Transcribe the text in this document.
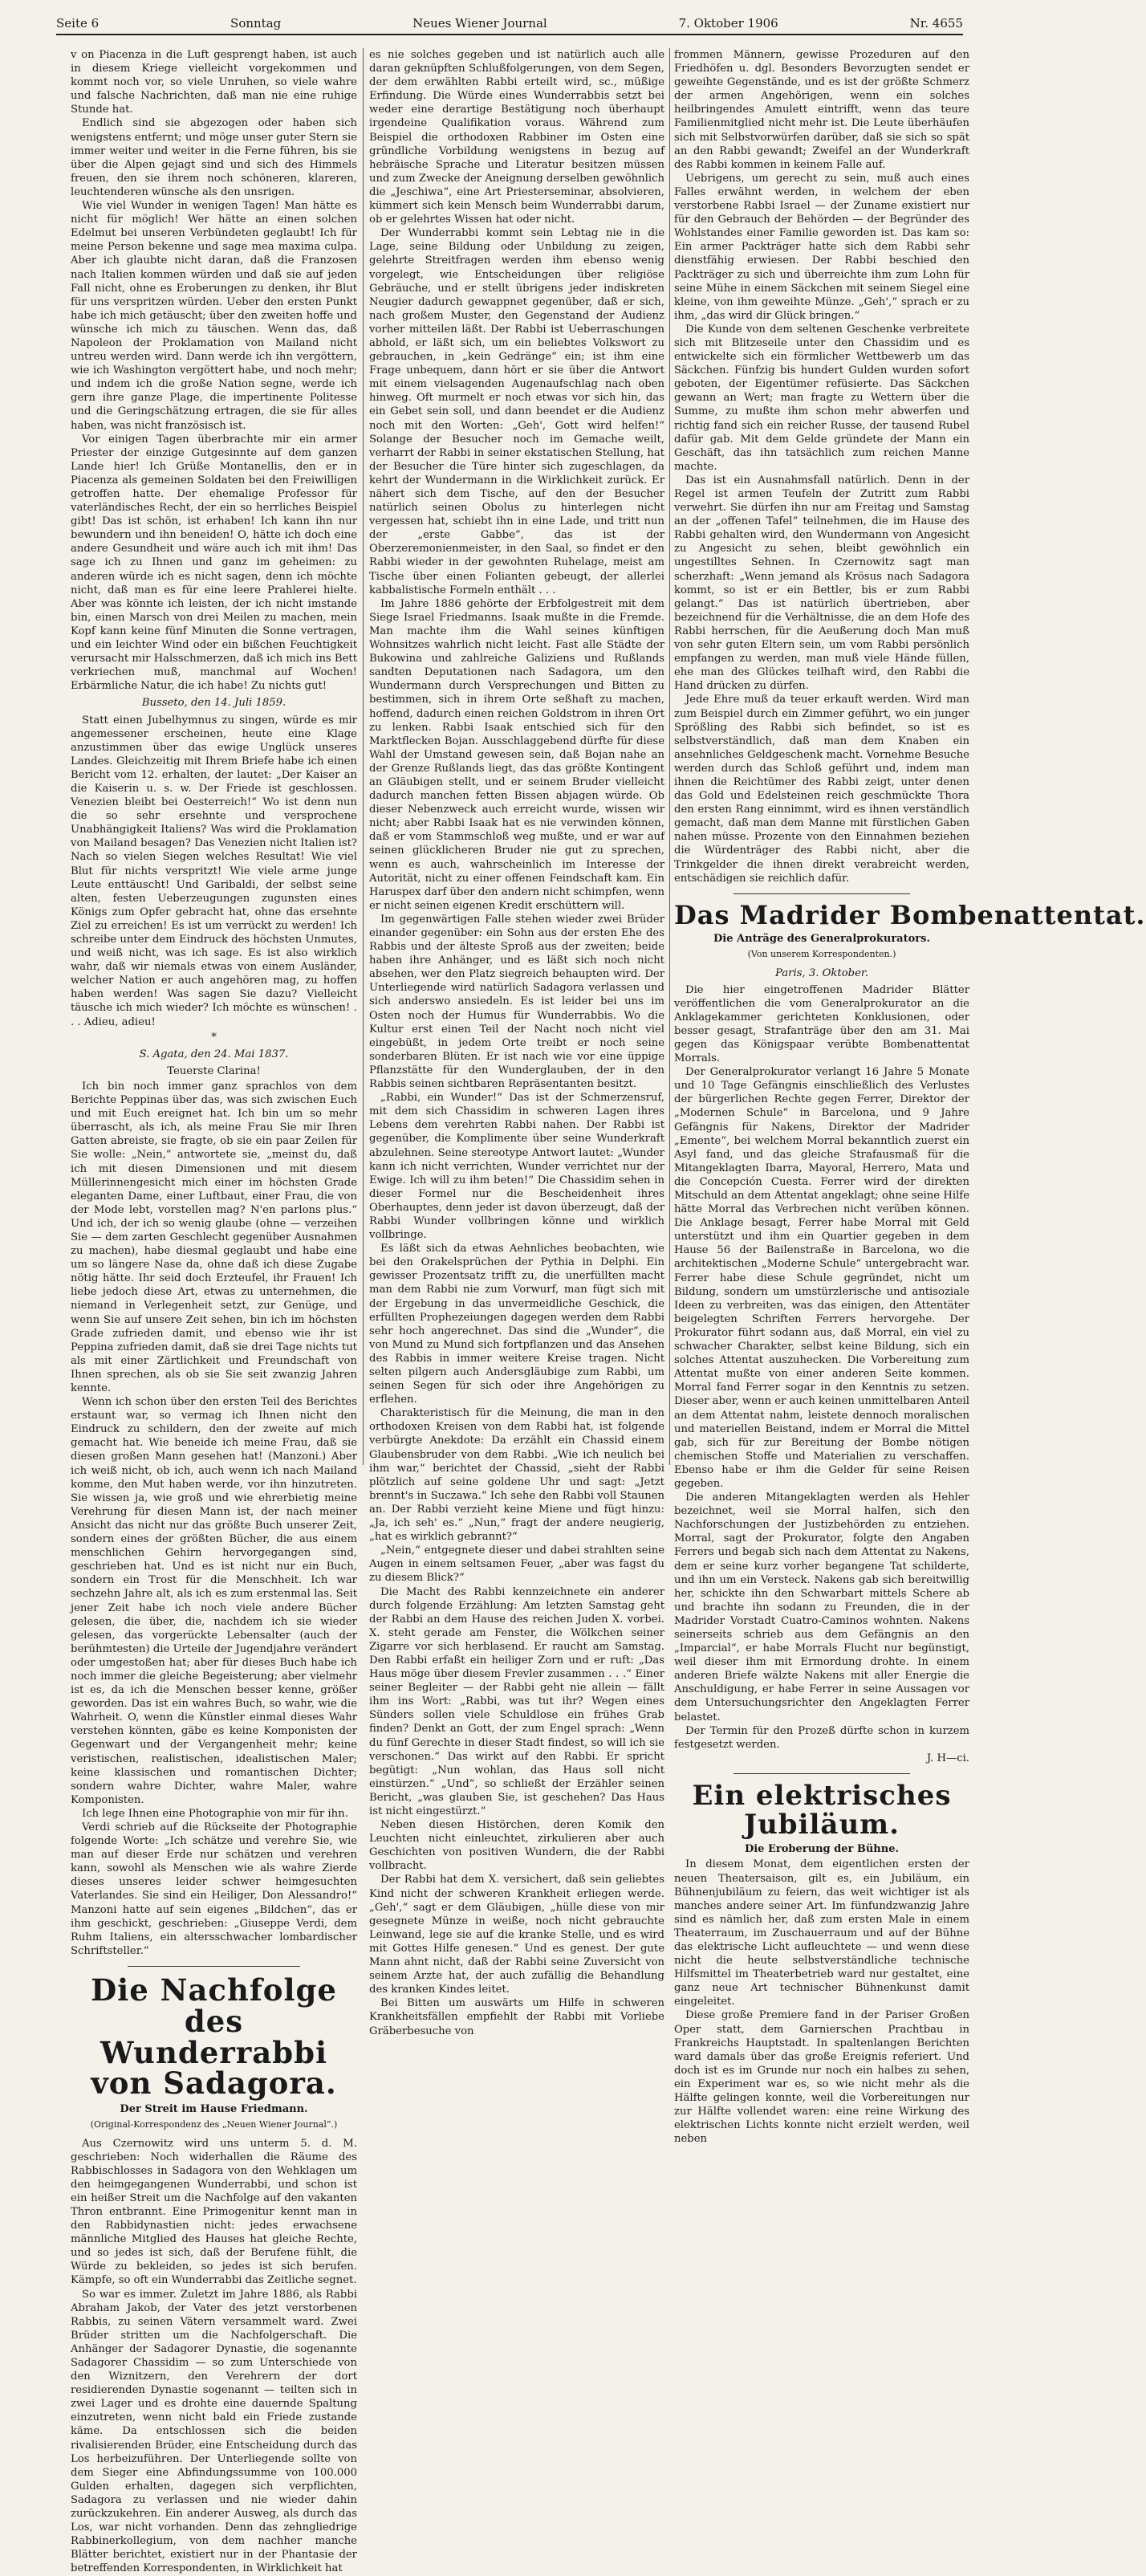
Seite 6	Sonntag	Neues Wiener Journal	7. Oktober 1906	Nr. 4655

v on Piacenza in die Luft gesprengt haben, ist auch in diesem Kriege vielleicht vorgekommen und kommt noch vor, so viele Unruhen, so viele wahre und falsche Nachrichten, daß man nie eine ruhige Stunde hat.

Endlich sind sie abgezogen oder haben sich wenigstens entfernt; und möge unser guter Stern sie immer weiter und weiter in die Ferne führen, bis sie über die Alpen gejagt sind und sich des Himmels freuen, den sie ihrem noch schöneren, klareren, leuchtenderen wünsche als den unsrigen.

Wie viel Wunder in wenigen Tagen! Man hätte es nicht für möglich! Wer hätte an einen solchen Edelmut bei unseren Verbündeten geglaubt! Ich für meine Person bekenne und sage mea maxima culpa. Aber ich glaubte nicht daran, daß die Franzosen nach Italien kommen würden und daß sie auf jeden Fall nicht, ohne es Eroberungen zu denken, ihr Blut für uns verspritzen würden. Ueber den ersten Punkt habe ich mich getäuscht; über den zweiten hoffe und wünsche ich mich zu täuschen. Wenn das, daß Napoleon der Proklamation von Mailand nicht untreu werden wird. Dann werde ich ihn vergöttern, wie ich Washington vergöttert habe, und noch mehr; und indem ich die große Nation segne, werde ich gern ihre ganze Plage, die impertinente Politesse und die Geringschätzung ertragen, die sie für alles haben, was nicht französisch ist.

Vor einigen Tagen überbrachte mir ein armer Priester der einzige Gutgesinnte auf dem ganzen Lande hier! Ich Grüße Montanellis, den er in Piacenza als gemeinen Soldaten bei den Freiwilligen getroffen hatte. Der ehemalige Professor für vaterländisches Recht, der ein so herrliches Beispiel gibt! Das ist schön, ist erhaben! Ich kann ihn nur bewundern und ihn beneiden! O, hätte ich doch eine andere Gesundheit und wäre auch ich mit ihm! Das sage ich zu Ihnen und ganz im geheimen: zu anderen würde ich es nicht sagen, denn ich möchte nicht, daß man es für eine leere Prahlerei hielte. Aber was könnte ich leisten, der ich nicht imstande bin, einen Marsch von drei Meilen zu machen, mein Kopf kann keine fünf Minuten die Sonne vertragen, und ein leichter Wind oder ein bißchen Feuchtigkeit verursacht mir Halsschmerzen, daß ich mich ins Bett verkriechen muß, manchmal auf Wochen! Erbärmliche Natur, die ich habe! Zu nichts gut!

Busseto, den 14. Juli 1859.

Statt einen Jubelhymnus zu singen, würde es mir angemessener erscheinen, heute eine Klage anzustimmen über das ewige Unglück unseres Landes. Gleichzeitig mit Ihrem Briefe habe ich einen Bericht vom 12. erhalten, der lautet: „Der Kaiser an die Kaiserin u. s. w. Der Friede ist geschlossen. Venezien bleibt bei Oesterreich!“ Wo ist denn nun die so sehr ersehnte und versprochene Unabhängigkeit Italiens? Was wird die Proklamation von Mailand besagen? Das Venezien nicht Italien ist? Nach so vielen Siegen welches Resultat! Wie viel Blut für nichts verspritzt! Wie viele arme junge Leute enttäuscht! Und Garibaldi, der selbst seine alten, festen Ueberzeugungen zugunsten eines Königs zum Opfer gebracht hat, ohne das ersehnte Ziel zu erreichen! Es ist um verrückt zu werden! Ich schreibe unter dem Eindruck des höchsten Unmutes, und weiß nicht, was ich sage. Es ist also wirklich wahr, daß wir niemals etwas von einem Ausländer, welcher Nation er auch angehören mag, zu hoffen haben werden! Was sagen Sie dazu? Vielleicht täusche ich mich wieder? Ich möchte es wünschen! . . . Adieu, adieu!

*

S. Agata, den 24. Mai 1837.

Teuerste Clarina!

Ich bin noch immer ganz sprachlos von dem Berichte Peppinas über das, was sich zwischen Euch und mit Euch ereignet hat. Ich bin um so mehr überrascht, als ich, als meine Frau Sie mir Ihren Gatten abreiste, sie fragte, ob sie ein paar Zeilen für Sie wolle: „Nein,“ antwortete sie, „meinst du, daß ich mit diesen Dimensionen und mit diesem Müllerinnengesicht mich einer im höchsten Grade eleganten Dame, einer Luftbaut, einer Frau, die von der Mode lebt, vorstellen mag? N'en parlons plus.“ Und ich, der ich so wenig glaube (ohne — verzeihen Sie — dem zarten Geschlecht gegenüber Ausnahmen zu machen), habe diesmal geglaubt und habe eine um so längere Nase da, ohne daß ich diese Zugabe nötig hätte. Ihr seid doch Erzteufel, ihr Frauen! Ich liebe jedoch diese Art, etwas zu unternehmen, die niemand in Verlegenheit setzt, zur Genüge, und wenn Sie auf unsere Zeit sehen, bin ich im höchsten Grade zufrieden damit, und ebenso wie ihr ist Peppina zufrieden damit, daß sie drei Tage nichts tut als mit einer Zärtlichkeit und Freundschaft von Ihnen sprechen, als ob sie Sie seit zwanzig Jahren kennte.

Wenn ich schon über den ersten Teil des Berichtes erstaunt war, so vermag ich Ihnen nicht den Eindruck zu schildern, den der zweite auf mich gemacht hat. Wie beneide ich meine Frau, daß sie diesen großen Mann gesehen hat! (Manzoni.) Aber ich weiß nicht, ob ich, auch wenn ich nach Mailand komme, den Mut haben werde, vor ihn hinzutreten. Sie wissen ja, wie groß und wie ehrerbietig meine Verehrung für diesen Mann ist, der nach meiner Ansicht das nicht nur das größte Buch unserer Zeit, sondern eines der größten Bücher, die aus einem menschlichen Gehirn hervorgegangen sind, geschrieben hat. Und es ist nicht nur ein Buch, sondern ein Trost für die Menschheit. Ich war sechzehn Jahre alt, als ich es zum erstenmal las. Seit jener Zeit habe ich noch viele andere Bücher gelesen, die über, die, nachdem ich sie wieder gelesen, das vorgerückte Lebensalter (auch der berühmtesten) die Urteile der Jugendjahre verändert oder umgestoßen hat; aber für dieses Buch habe ich noch immer die gleiche Begeisterung; aber vielmehr ist es, da ich die Menschen besser kenne, größer geworden. Das ist ein wahres Buch, so wahr, wie die Wahrheit. O, wenn die Künstler einmal dieses Wahr verstehen könnten, gäbe es keine Komponisten der Gegenwart und der Vergangenheit mehr; keine veristischen, realistischen, idealistischen Maler; keine klassischen und romantischen Dichter; sondern wahre Dichter, wahre Maler, wahre Komponisten.

Ich lege Ihnen eine Photographie von mir für ihn.

Verdi schrieb auf die Rückseite der Photographie folgende Worte: „Ich schätze und verehre Sie, wie man auf dieser Erde nur schätzen und verehren kann, sowohl als Menschen wie als wahre Zierde dieses unseres leider schwer heimgesuchten Vaterlandes. Sie sind ein Heiliger, Don Alessandro!“ Manzoni hatte auf sein eigenes „Bildchen“, das er ihm geschickt, geschrieben: „Giuseppe Verdi, dem Ruhm Italiens, ein altersschwacher lombardischer Schriftsteller.“

Die Nachfolge des Wunderrabbi von Sadagora.

Der Streit im Hause Friedmann.

(Original-Korrespondenz des „Neuen Wiener Journal“.)

Aus Czernowitz wird uns unterm 5. d. M. geschrieben: Noch widerhallen die Räume des Rabbischlosses in Sadagora von den Wehklagen um den heimgegangenen Wunderrabbi, und schon ist ein heißer Streit um die Nachfolge auf den vakanten Thron entbrannt. Eine Primogenitur kennt man in den Rabbidynastien nicht: jedes erwachsene männliche Mitglied des Hauses hat gleiche Rechte, und so jedes ist sich, daß der Berufene fühlt, die Würde zu bekleiden, so jedes ist sich berufen. Kämpfe, so oft ein Wunderrabbi das Zeitliche segnet.

So war es immer. Zuletzt im Jahre 1886, als Rabbi Abraham Jakob, der Vater des jetzt verstorbenen Rabbis, zu seinen Vätern versammelt ward. Zwei Brüder stritten um die Nachfolgerschaft. Die Anhänger der Sadagorer Dynastie, die sogenannte Sadagorer Chassidim — so zum Unterschiede von den Wiznitzern, den Verehrern der dort residierenden Dynastie sogenannt — teilten sich in zwei Lager und es drohte eine dauernde Spaltung einzutreten, wenn nicht bald ein Friede zustande käme. Da entschlossen sich die beiden rivalisierenden Brüder, eine Entscheidung durch das Los herbeizuführen. Der Unterliegende sollte von dem Sieger eine Abfindungssumme von 100.000 Gulden erhalten, dagegen sich verpflichten, Sadagora zu verlassen und nie wieder dahin zurückzukehren. Ein anderer Ausweg, als durch das Los, war nicht vorhanden. Denn das zehngliedrige Rabbinerkollegium, von dem nachher manche Blätter berichtet, existiert nur in der Phantasie der betreffenden Korrespondenten, in Wirklichkeit hat

es nie solches gegeben und ist natürlich auch alle daran geknüpften Schlußfolgerungen, von dem Segen, der dem erwählten Rabbi erteilt wird, sc., müßige Erfindung. Die Würde eines Wunderrabbis setzt bei weder eine derartige Bestätigung noch überhaupt irgendeine Qualifikation voraus. Während zum Beispiel die orthodoxen Rabbiner im Osten eine gründliche Vorbildung wenigstens in bezug auf hebräische Sprache und Literatur besitzen müssen und zum Zwecke der Aneignung derselben gewöhnlich die „Jeschiwa“, eine Art Priesterseminar, absolvieren, kümmert sich kein Mensch beim Wunderrabbi darum, ob er gelehrtes Wissen hat oder nicht.

Der Wunderrabbi kommt sein Lebtag nie in die Lage, seine Bildung oder Unbildung zu zeigen, gelehrte Streitfragen werden ihm ebenso wenig vorgelegt, wie Entscheidungen über religiöse Gebräuche, und er stellt übrigens jeder indiskreten Neugier dadurch gewappnet gegenüber, daß er sich, nach großem Muster, den Gegenstand der Audienz vorher mitteilen läßt. Der Rabbi ist Ueberraschungen abhold, er läßt sich, um ein beliebtes Volkswort zu gebrauchen, in „kein Gedränge“ ein; ist ihm eine Frage unbequem, dann hört er sie über die Antwort mit einem vielsagenden Augenaufschlag nach oben hinweg. Oft murmelt er noch etwas vor sich hin, das ein Gebet sein soll, und dann beendet er die Audienz noch mit den Worten: „Geh', Gott wird helfen!“ Solange der Besucher noch im Gemache weilt, verharrt der Rabbi in seiner ekstatischen Stellung, hat der Besucher die Türe hinter sich zugeschlagen, da kehrt der Wundermann in die Wirklichkeit zurück. Er nähert sich dem Tische, auf den der Besucher natürlich seinen Obolus zu hinterlegen nicht vergessen hat, schiebt ihn in eine Lade, und tritt nun der „erste Gabbe“, das ist der Oberzeremonienmeister, in den Saal, so findet er den Rabbi wieder in der gewohnten Ruhelage, meist am Tische über einen Folianten gebeugt, der allerlei kabbalistische Formeln enthält . . .

Im Jahre 1886 gehörte der Erbfolgestreit mit dem Siege Israel Friedmanns. Isaak mußte in die Fremde. Man machte ihm die Wahl seines künftigen Wohnsitzes wahrlich nicht leicht. Fast alle Städte der Bukowina und zahlreiche Galiziens und Rußlands sandten Deputationen nach Sadagora, um den Wundermann durch Versprechungen und Bitten zu bestimmen, sich in ihrem Orte seßhaft zu machen, hoffend, dadurch einen reichen Goldstrom in ihren Ort zu lenken. Rabbi Isaak entschied sich für den Marktflecken Bojan. Ausschlaggebend dürfte für diese Wahl der Umstand gewesen sein, daß Bojan nahe an der Grenze Rußlands liegt, das das größte Kontingent an Gläubigen stellt, und er seinem Bruder vielleicht dadurch manchen fetten Bissen abjagen würde. Ob dieser Nebenzweck auch erreicht wurde, wissen wir nicht; aber Rabbi Isaak hat es nie verwinden können, daß er vom Stammschloß weg mußte, und er war auf seinen glücklicheren Bruder nie gut zu sprechen, wenn es auch, wahrscheinlich im Interesse der Autorität, nicht zu einer offenen Feindschaft kam. Ein Haruspex darf über den andern nicht schimpfen, wenn er nicht seinen eigenen Kredit erschüttern will.

Im gegenwärtigen Falle stehen wieder zwei Brüder einander gegenüber: ein Sohn aus der ersten Ehe des Rabbis und der älteste Sproß aus der zweiten; beide haben ihre Anhänger, und es läßt sich noch nicht absehen, wer den Platz siegreich behaupten wird. Der Unterliegende wird natürlich Sadagora verlassen und sich anderswo ansiedeln. Es ist leider bei uns im Osten noch der Humus für Wunderrabbis. Wo die Kultur erst einen Teil der Nacht noch nicht viel eingebüßt, in jedem Orte treibt er noch seine sonderbaren Blüten. Er ist nach wie vor eine üppige Pflanzstätte für den Wunderglauben, der in den Rabbis seinen sichtbaren Repräsentanten besitzt.

„Rabbi, ein Wunder!“ Das ist der Schmerzensruf, mit dem sich Chassidim in schweren Lagen ihres Lebens dem verehrten Rabbi nahen. Der Rabbi ist gegenüber, die Komplimente über seine Wunderkraft abzulehnen. Seine stereotype Antwort lautet: „Wunder kann ich nicht verrichten, Wunder verrichtet nur der Ewige. Ich will zu ihm beten!“ Die Chassidim sehen in dieser Formel nur die Bescheidenheit ihres Oberhauptes, denn jeder ist davon überzeugt, daß der Rabbi Wunder vollbringen könne und wirklich vollbringe.

Es läßt sich da etwas Aehnliches beobachten, wie bei den Orakelsprüchen der Pythia in Delphi. Ein gewisser Prozentsatz trifft zu, die unerfüllten macht man dem Rabbi nie zum Vorwurf, man fügt sich mit der Ergebung in das unvermeidliche Geschick, die erfüllten Prophezeiungen dagegen werden dem Rabbi sehr hoch angerechnet. Das sind die „Wunder“, die von Mund zu Mund sich fortpflanzen und das Ansehen des Rabbis in immer weitere Kreise tragen. Nicht selten pilgern auch Andersgläubige zum Rabbi, um seinen Segen für sich oder ihre Angehörigen zu erflehen.

Charakteristisch für die Meinung, die man in den orthodoxen Kreisen von dem Rabbi hat, ist folgende verbürgte Anekdote: Da erzählt ein Chassid einem Glaubensbruder von dem Rabbi. „Wie ich neulich bei ihm war,“ berichtet der Chassid, „sieht der Rabbi plötzlich auf seine goldene Uhr und sagt: „Jetzt brennt's in Suczawa.“ Ich sehe den Rabbi voll Staunen an. Der Rabbi verzieht keine Miene und fügt hinzu: „Ja, ich seh' es.“ „Nun,“ fragt der andere neugierig, „hat es wirklich gebrannt?“

„Nein,“ entgegnete dieser und dabei strahlten seine Augen in einem seltsamen Feuer, „aber was fagst du zu diesem Blick?“

Die Macht des Rabbi kennzeichnete ein anderer durch folgende Erzählung: Am letzten Samstag geht der Rabbi an dem Hause des reichen Juden X. vorbei. X. steht gerade am Fenster, die Wölkchen seiner Zigarre vor sich herblasend. Er raucht am Samstag. Den Rabbi erfaßt ein heiliger Zorn und er ruft: „Das Haus möge über diesem Frevler zusammen . . .“ Einer seiner Begleiter — der Rabbi geht nie allein — fällt ihm ins Wort: „Rabbi, was tut ihr? Wegen eines Sünders sollen viele Schuldlose ein frühes Grab finden? Denkt an Gott, der zum Engel sprach: „Wenn du fünf Gerechte in dieser Stadt findest, so will ich sie verschonen.“ Das wirkt auf den Rabbi. Er spricht begütigt: „Nun wohlan, das Haus soll nicht einstürzen.“ „Und“, so schließt der Erzähler seinen Bericht, „was glauben Sie, ist geschehen? Das Haus ist nicht eingestürzt.“

Neben diesen Histörchen, deren Komik den Leuchten nicht einleuchtet, zirkulieren aber auch Geschichten von positiven Wundern, die der Rabbi vollbracht.

Der Rabbi hat dem X. versichert, daß sein geliebtes Kind nicht der schweren Krankheit erliegen werde. „Geh',“ sagt er dem Gläubigen, „hülle diese von mir gesegnete Münze in weiße, noch nicht gebrauchte Leinwand, lege sie auf die kranke Stelle, und es wird mit Gottes Hilfe genesen.“ Und es genest. Der gute Mann ahnt nicht, daß der Rabbi seine Zuversicht von seinem Arzte hat, der auch zufällig die Behandlung des kranken Kindes leitet.

Bei Bitten um auswärts um Hilfe in schweren Krankheitsfällen empfiehlt der Rabbi mit Vorliebe Gräberbesuche von

frommen Männern, gewisse Prozeduren auf den Friedhöfen u. dgl. Besonders Bevorzugten sendet er geweihte Gegenstände, und es ist der größte Schmerz der armen Angehörigen, wenn ein solches heilbringendes Amulett eintrifft, wenn das teure Familienmitglied nicht mehr ist. Die Leute überhäufen sich mit Selbstvorwürfen darüber, daß sie sich so spät an den Rabbi gewandt; Zweifel an der Wunderkraft des Rabbi kommen in keinem Falle auf.

Uebrigens, um gerecht zu sein, muß auch eines Falles erwähnt werden, in welchem der eben verstorbene Rabbi Israel — der Zuname existiert nur für den Gebrauch der Behörden — der Begründer des Wohlstandes einer Familie geworden ist. Das kam so: Ein armer Packträger hatte sich dem Rabbi sehr dienstfähig erwiesen. Der Rabbi beschied den Packträger zu sich und überreichte ihm zum Lohn für seine Mühe in einem Säckchen mit seinem Siegel eine kleine, von ihm geweihte Münze. „Geh',“ sprach er zu ihm, „das wird dir Glück bringen.“

Die Kunde von dem seltenen Geschenke verbreitete sich mit Blitzeseile unter den Chassidim und es entwickelte sich ein förmlicher Wettbewerb um das Säckchen. Fünfzig bis hundert Gulden wurden sofort geboten, der Eigentümer refüsierte. Das Säckchen gewann an Wert; man fragte zu Wettern über die Summe, zu mußte ihm schon mehr abwerfen und richtig fand sich ein reicher Russe, der tausend Rubel dafür gab. Mit dem Gelde gründete der Mann ein Geschäft, das ihn tatsächlich zum reichen Manne machte.

Das ist ein Ausnahmsfall natürlich. Denn in der Regel ist armen Teufeln der Zutritt zum Rabbi verwehrt. Sie dürfen ihn nur am Freitag und Samstag an der „offenen Tafel“ teilnehmen, die im Hause des Rabbi gehalten wird, den Wundermann von Angesicht zu Angesicht zu sehen, bleibt gewöhnlich ein ungestilltes Sehnen. In Czernowitz sagt man scherzhaft: „Wenn jemand als Krösus nach Sadagora kommt, so ist er ein Bettler, bis er zum Rabbi gelangt.“ Das ist natürlich übertrieben, aber bezeichnend für die Verhältnisse, die an dem Hofe des Rabbi herrschen, für die Aeußerung doch Man muß von sehr guten Eltern sein, um vom Rabbi persönlich empfangen zu werden, man muß viele Hände füllen, ehe man des Glückes teilhaft wird, den Rabbi die Hand drücken zu dürfen.

Jede Ehre muß da teuer erkauft werden. Wird man zum Beispiel durch ein Zimmer geführt, wo ein junger Sprößling des Rabbi sich befindet, so ist es selbstverständlich, daß man dem Knaben ein ansehnliches Geldgeschenk macht. Vornehme Besuche werden durch das Schloß geführt und, indem man ihnen die Reichtümer des Rabbi zeigt, unter denen das Gold und Edelsteinen reich geschmückte Thora den ersten Rang einnimmt, wird es ihnen verständlich gemacht, daß man dem Manne mit fürstlichen Gaben nahen müsse. Prozente von den Einnahmen beziehen die Würdenträger des Rabbi nicht, aber die Trinkgelder die ihnen direkt verabreicht werden, entschädigen sie reichlich dafür.

Das Madrider Bombenattentat.

Die Anträge des Generalprokurators.

(Von unserem Korrespondenten.)

Paris, 3. Oktober.

Die hier eingetroffenen Madrider Blätter veröffentlichen die vom Generalprokurator an die Anklagekammer gerichteten Konklusionen, oder besser gesagt, Strafanträge über den am 31. Mai gegen das Königspaar verübte Bombenattentat Morrals.

Der Generalprokurator verlangt 16 Jahre 5 Monate und 10 Tage Gefängnis einschließlich des Verlustes der bürgerlichen Rechte gegen Ferrer, Direktor der „Modernen Schule“ in Barcelona, und 9 Jahre Gefängnis für Nakens, Direktor der Madrider „Emente“, bei welchem Morral bekanntlich zuerst ein Asyl fand, und das gleiche Strafausmaß für die Mitangeklagten Ibarra, Mayoral, Herrero, Mata und die Concepción Cuesta. Ferrer wird der direkten Mitschuld an dem Attentat angeklagt; ohne seine Hilfe hätte Morral das Verbrechen nicht verüben können. Die Anklage besagt, Ferrer habe Morral mit Geld unterstützt und ihm ein Quartier gegeben in dem Hause 56 der Bailenstraße in Barcelona, wo die architektischen „Moderne Schule“ untergebracht war. Ferrer habe diese Schule gegründet, nicht um Bildung, sondern um umstürzlerische und antisoziale Ideen zu verbreiten, was das einigen, den Attentäter beigelegten Schriften Ferrers hervorgehe. Der Prokurator führt sodann aus, daß Morral, ein viel zu schwacher Charakter, selbst keine Bildung, sich ein solches Attentat auszuhecken. Die Vorbereitung zum Attentat mußte von einer anderen Seite kommen. Morral fand Ferrer sogar in den Kenntnis zu setzen. Dieser aber, wenn er auch keinen unmittelbaren Anteil an dem Attentat nahm, leistete dennoch moralischen und materiellen Beistand, indem er Morral die Mittel gab, sich für zur Bereitung der Bombe nötigen chemischen Stoffe und Materialien zu verschaffen. Ebenso habe er ihm die Gelder für seine Reisen gegeben.

Die anderen Mitangeklagten werden als Hehler bezeichnet, weil sie Morral halfen, sich den Nachforschungen der Justizbehörden zu entziehen. Morral, sagt der Prokurator, folgte den Angaben Ferrers und begab sich nach dem Attentat zu Nakens, dem er seine kurz vorher begangene Tat schilderte, und ihn um ein Versteck. Nakens gab sich bereitwillig her, schickte ihn den Schwarbart mittels Schere ab und brachte ihn sodann zu Freunden, die in der Madrider Vorstadt Cuatro-Caminos wohnten. Nakens seinerseits schrieb aus dem Gefängnis an den „Imparcial“, er habe Morrals Flucht nur begünstigt, weil dieser ihm mit Ermordung drohte. In einem anderen Briefe wälzte Nakens mit aller Energie die Anschuldigung, er habe Ferrer in seine Aussagen vor dem Untersuchungsrichter den Angeklagten Ferrer belastet.

Der Termin für den Prozeß dürfte schon in kurzem festgesetzt werden.

J. H—ci.

Ein elektrisches Jubiläum.

Die Eroberung der Bühne.

In diesem Monat, dem eigentlichen ersten der neuen Theatersaison, gilt es, ein Jubiläum, ein Bühnenjubiläum zu feiern, das weit wichtiger ist als manches andere seiner Art. Im fünfundzwanzig Jahre sind es nämlich her, daß zum ersten Male in einem Theaterraum, im Zuschauerraum und auf der Bühne das elektrische Licht aufleuchtete — und wenn diese nicht die heute selbstverständliche technische Hilfsmittel im Theaterbetrieb ward nur gestaltet, eine ganz neue Art technischer Bühnenkunst damit eingeleitet.

Diese große Premiere fand in der Pariser Großen Oper statt, dem Garnierschen Prachtbau in Frankreichs Hauptstadt. In spaltenlangen Berichten ward damals über das große Ereignis referiert. Und doch ist es im Grunde nur noch ein halbes zu sehen, ein Experiment war es, so wie nicht mehr als die Hälfte gelingen konnte, weil die Vorbereitungen nur zur Hälfte vollendet waren: eine reine Wirkung des elektrischen Lichts konnte nicht erzielt werden, weil neben
